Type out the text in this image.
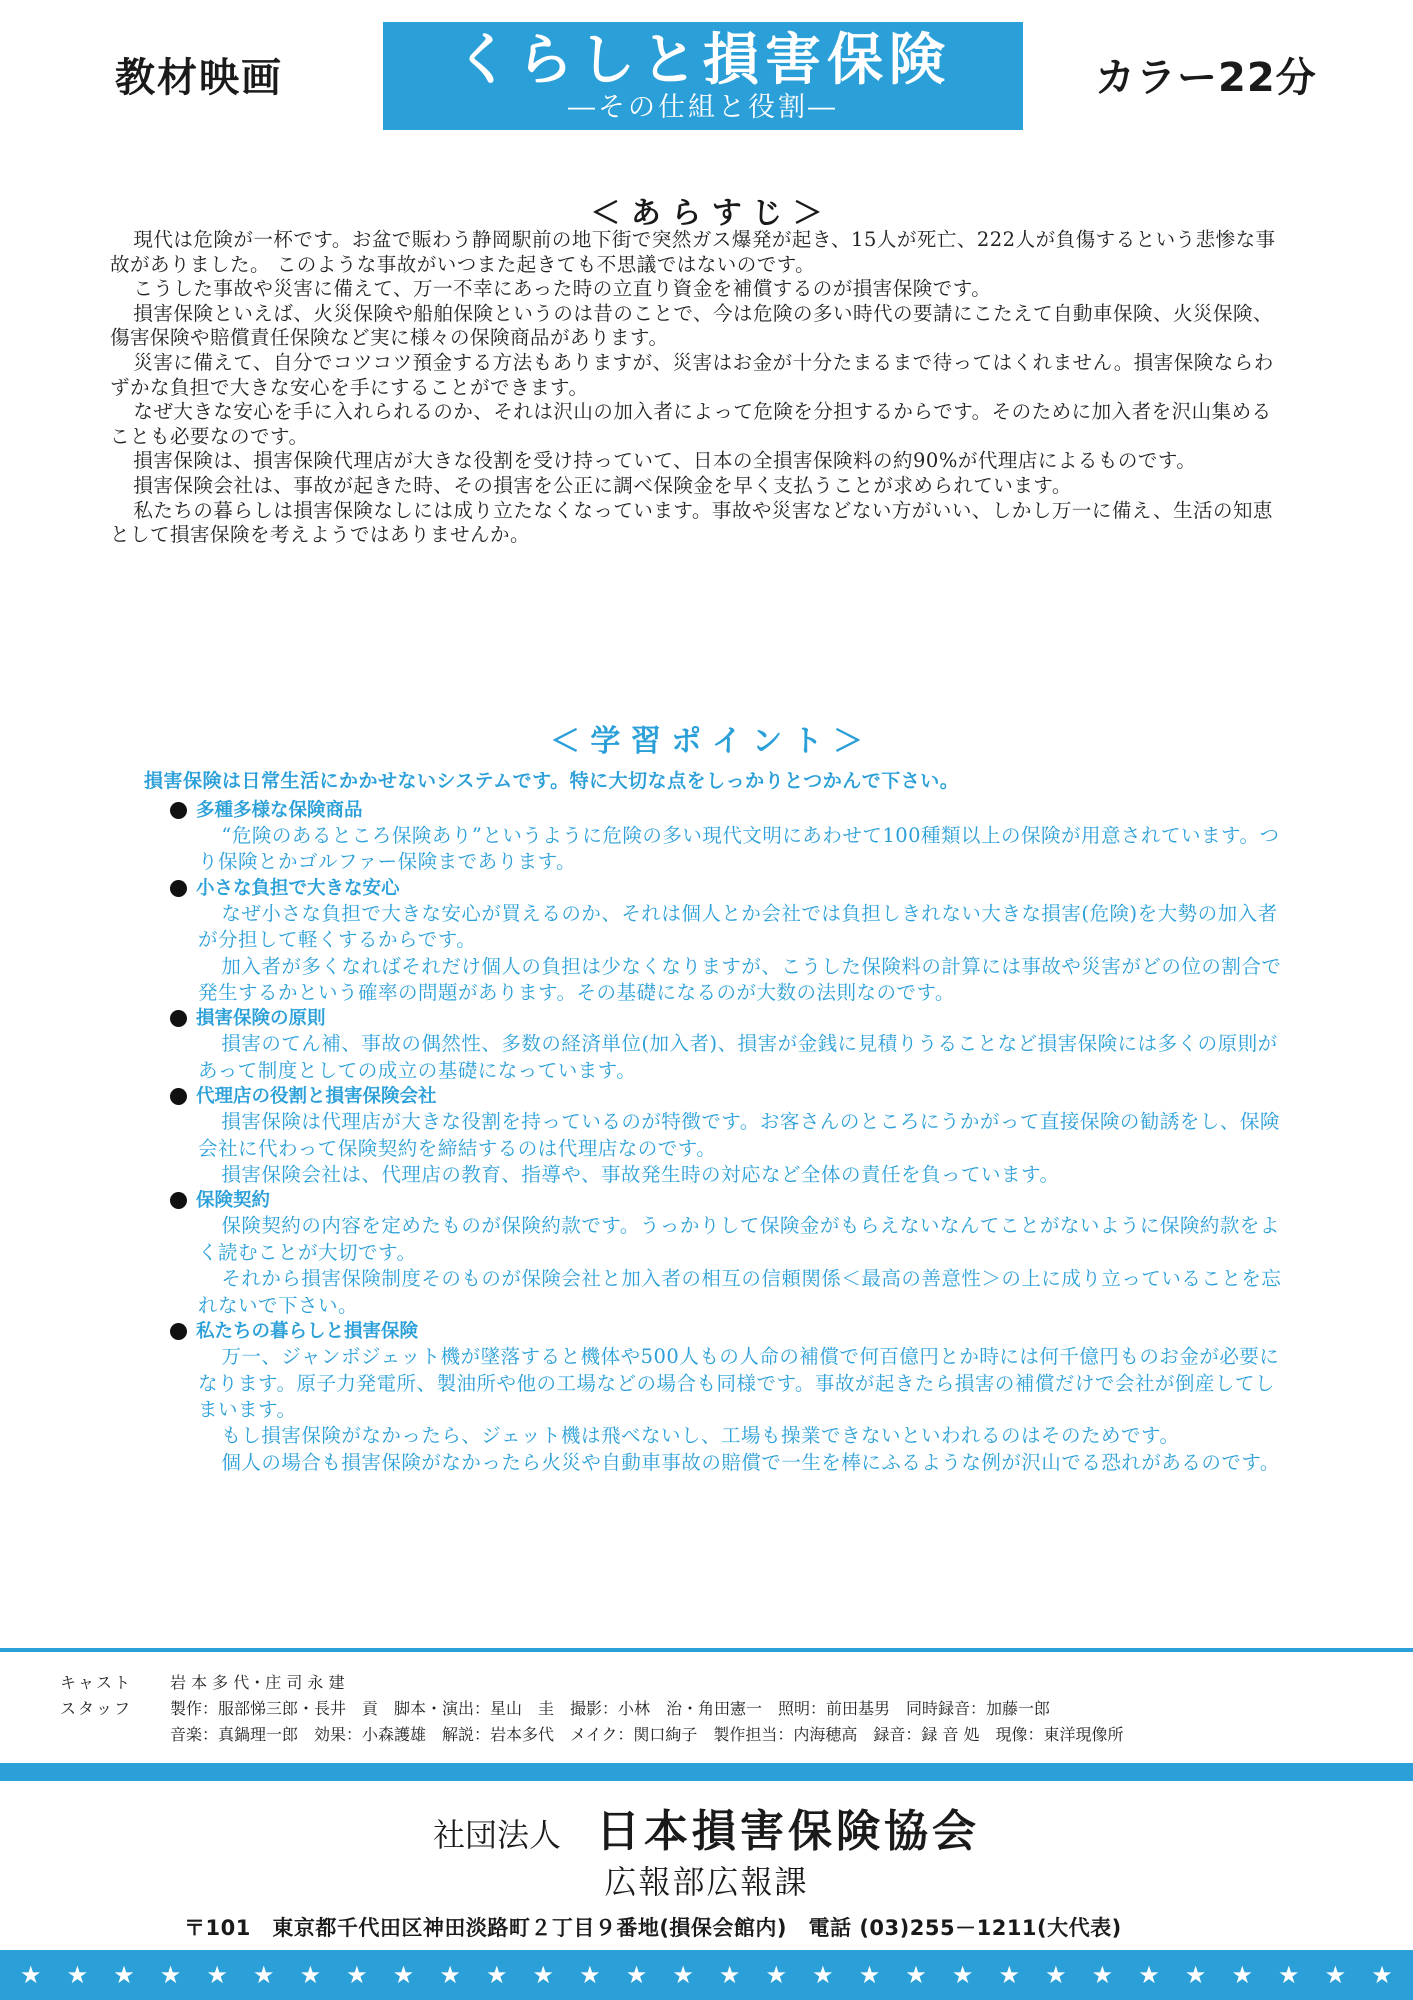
教材映画	くらしと損害保険
―その仕組と役割―
カラー22分
＜ あ ら す じ ＞

現代は危険が一杯です。お盆で賑わう静岡駅前の地下街で突然ガス爆発が起き、15人が死亡、222人が負傷するという悲惨な事故がありました。 このような事故がいつまた起きても不思議ではないのです。

こうした事故や災害に備えて、万一不幸にあった時の立直り資金を補償するのが損害保険です。

損害保険といえば、火災保険や船舶保険というのは昔のことで、今は危険の多い時代の要請にこたえて自動車保険、火災保険、傷害保険や賠償責任保険など実に様々の保険商品があります。

災害に備えて、自分でコツコツ預金する方法もありますが、災害はお金が十分たまるまで待ってはくれません。損害保険ならわずかな負担で大きな安心を手にすることができます。

なぜ大きな安心を手に入れられるのか、それは沢山の加入者によって危険を分担するからです。そのために加入者を沢山集めることも必要なのです。

損害保険は、損害保険代理店が大きな役割を受け持っていて、日本の全損害保険料の約90%が代理店によるものです。

損害保険会社は、事故が起きた時、その損害を公正に調べ保険金を早く支払うことが求められています。

私たちの暮らしは損害保険なしには成り立たなくなっています。事故や災害などない方がいい、しかし万一に備え、生活の知恵として損害保険を考えようではありませんか。

＜ 学 習 ポ イ ン ト ＞
損害保険は日常生活にかかせないシステムです。特に大切な点をしっかりとつかんで下さい。
多種多様な保険商品

“危険のあるところ保険あり”というように危険の多い現代文明にあわせて100種類以上の保険が用意されています。つり保険とかゴルファー保険まであります。

小さな負担で大きな安心

なぜ小さな負担で大きな安心が買えるのか、それは個人とか会社では負担しきれない大きな損害(危険)を大勢の加入者が分担して軽くするからです。

加入者が多くなればそれだけ個人の負担は少なくなりますが、こうした保険料の計算には事故や災害がどの位の割合で発生するかという確率の問題があります。その基礎になるのが大数の法則なのです。

損害保険の原則

損害のてん補、事故の偶然性、多数の経済単位(加入者)、損害が金銭に見積りうることなど損害保険には多くの原則があって制度としての成立の基礎になっています。

代理店の役割と損害保険会社

損害保険は代理店が大きな役割を持っているのが特徴です。お客さんのところにうかがって直接保険の勧誘をし、保険会社に代わって保険契約を締結するのは代理店なのです。

損害保険会社は、代理店の教育、指導や、事故発生時の対応など全体の責任を負っています。

保険契約

保険契約の内容を定めたものが保険約款です。うっかりして保険金がもらえないなんてことがないように保険約款をよく読むことが大切です。

それから損害保険制度そのものが保険会社と加入者の相互の信頼関係＜最高の善意性＞の上に成り立っていることを忘れないで下さい。

私たちの暮らしと損害保険

万一、ジャンボジェット機が墜落すると機体や500人もの人命の補償で何百億円とか時には何千億円ものお金が必要になります。原子力発電所、製油所や他の工場などの場合も同様です。事故が起きたら損害の補償だけで会社が倒産してしまいます。

もし損害保険がなかったら、ジェット機は飛べないし、工場も操業できないといわれるのはそのためです。

個人の場合も損害保険がなかったら火災や自動車事故の賠償で一生を棒にふるような例が沢山でる恐れがあるのです。

キャスト	岩 本 多 代・庄 司 永 建
スタッフ	製作：服部悌三郎・長井　貢　脚本・演出：星山　圭　撮影：小林　治・角田憲一　照明：前田基男　同時録音：加藤一郎
音楽：真鍋理一郎　効果：小森護雄　解説：岩本多代　メイク：関口絢子　製作担当：内海穂高　録音：録 音 処　現像：東洋現像所
社団法人 日本損害保険協会
広報部広報課
〒101　東京都千代田区神田淡路町２丁目９番地(損保会館内)　電話 (03)255－1211(大代表)
★ ★ ★ ★ ★ ★ ★ ★ ★ ★ ★ ★ ★ ★ ★ ★ ★ ★ ★ ★ ★ ★ ★ ★ ★ ★ ★ ★ ★ ★
